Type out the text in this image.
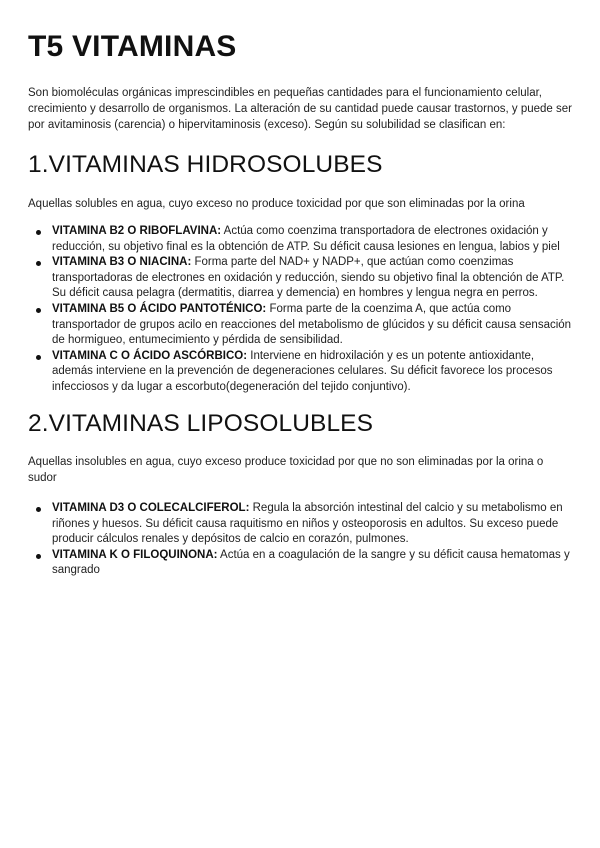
T5 VITAMINAS

Son biomoléculas orgánicas imprescindibles en pequeñas cantidades para el funcionamiento celular, crecimiento y desarrollo de organismos. La alteración de su cantidad puede causar trastornos, y puede ser por avitaminosis (carencia) o hipervitaminosis (exceso). Según su solubilidad se clasifican en:

1.VITAMINAS HIDROSOLUBES

Aquellas solubles en agua, cuyo exceso no produce toxicidad por que son eliminadas por la orina

VITAMINA B2 O RIBOFLAVINA: Actúa como coenzima transportadora de electrones oxidación y reducción, su objetivo final es la obtención de ATP. Su déficit causa lesiones en lengua, labios y piel
VITAMINA B3 O NIACINA: Forma parte del NAD+ y NADP+, que actúan como coenzimas transportadoras de electrones en oxidación y reducción, siendo su objetivo final la obtención de ATP. Su déficit causa pelagra (dermatitis, diarrea y demencia) en hombres y lengua negra en perros.
VITAMINA B5 O ÁCIDO PANTOTÉNICO: Forma parte de la coenzima A, que actúa como transportador de grupos acilo en reacciones del metabolismo de glúcidos y su déficit causa sensación de hormigueo, entumecimiento y pérdida de sensibilidad.
VITAMINA C O ÁCIDO ASCÓRBICO: Interviene en hidroxilación y es un potente antioxidante, además interviene en la prevención de degeneraciones celulares. Su déficit favorece los procesos infecciosos y da lugar a escorbuto(degeneración del tejido conjuntivo).
2.VITAMINAS LIPOSOLUBLES

Aquellas insolubles en agua, cuyo exceso produce toxicidad por que no son eliminadas por la orina o sudor

VITAMINA D3 O COLECALCIFEROL: Regula la absorción intestinal del calcio y su metabolismo en riñones y huesos. Su déficit causa raquitismo en niños y osteoporosis en adultos. Su exceso puede producir cálculos renales y depósitos de calcio en corazón, pulmones.
VITAMINA K O FILOQUINONA: Actúa en a coagulación de la sangre y su déficit causa hematomas y sangrado
